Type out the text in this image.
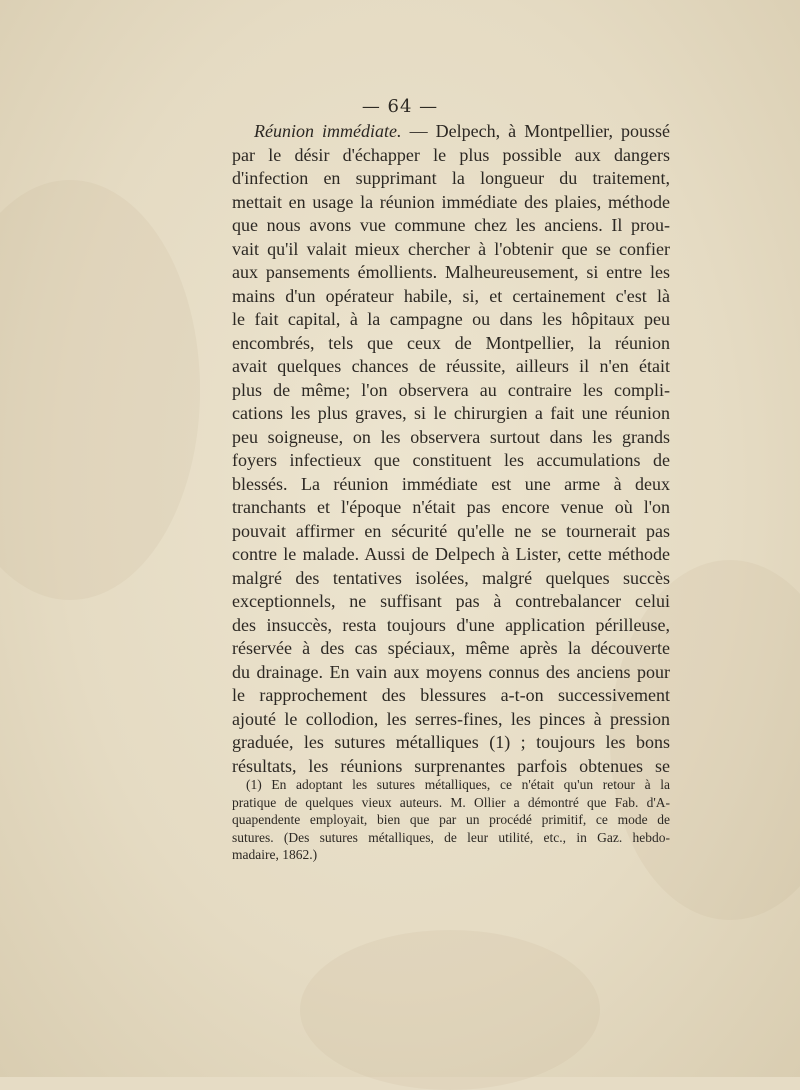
— 64 —
Réunion immédiate. — Delpech, à Montpellier, poussé
par le désir d'échapper le plus possible aux dangers
d'infection en supprimant la longueur du traitement,
mettait en usage la réunion immédiate des plaies, méthode
que nous avons vue commune chez les anciens. Il prou-
vait qu'il valait mieux chercher à l'obtenir que se confier
aux pansements émollients. Malheureusement, si entre les
mains d'un opérateur habile, si, et certainement c'est là
le fait capital, à la campagne ou dans les hôpitaux peu
encombrés, tels que ceux de Montpellier, la réunion
avait quelques chances de réussite, ailleurs il n'en était
plus de même; l'on observera au contraire les compli-
cations les plus graves, si le chirurgien a fait une réunion
peu soigneuse, on les observera surtout dans les grands
foyers infectieux que constituent les accumulations de
blessés. La réunion immédiate est une arme à deux
tranchants et l'époque n'était pas encore venue où l'on
pouvait affirmer en sécurité qu'elle ne se tournerait pas
contre le malade. Aussi de Delpech à Lister, cette méthode
malgré des tentatives isolées, malgré quelques succès
exceptionnels, ne suffisant pas à contrebalancer celui
des insuccès, resta toujours d'une application périlleuse,
réservée à des cas spéciaux, même après la découverte
du drainage. En vain aux moyens connus des anciens pour
le rapprochement des blessures a-t-on successivement
ajouté le collodion, les serres-fines, les pinces à pression
graduée, les sutures métalliques (1) ; toujours les bons
résultats, les réunions surprenantes parfois obtenues se
(1) En adoptant les sutures métalliques, ce n'était qu'un retour à la
pratique de quelques vieux auteurs. M. Ollier a démontré que Fab. d'A-
quapendente employait, bien que par un procédé primitif, ce mode de
sutures. (Des sutures métalliques, de leur utilité, etc., in Gaz. hebdo-
madaire, 1862.)
